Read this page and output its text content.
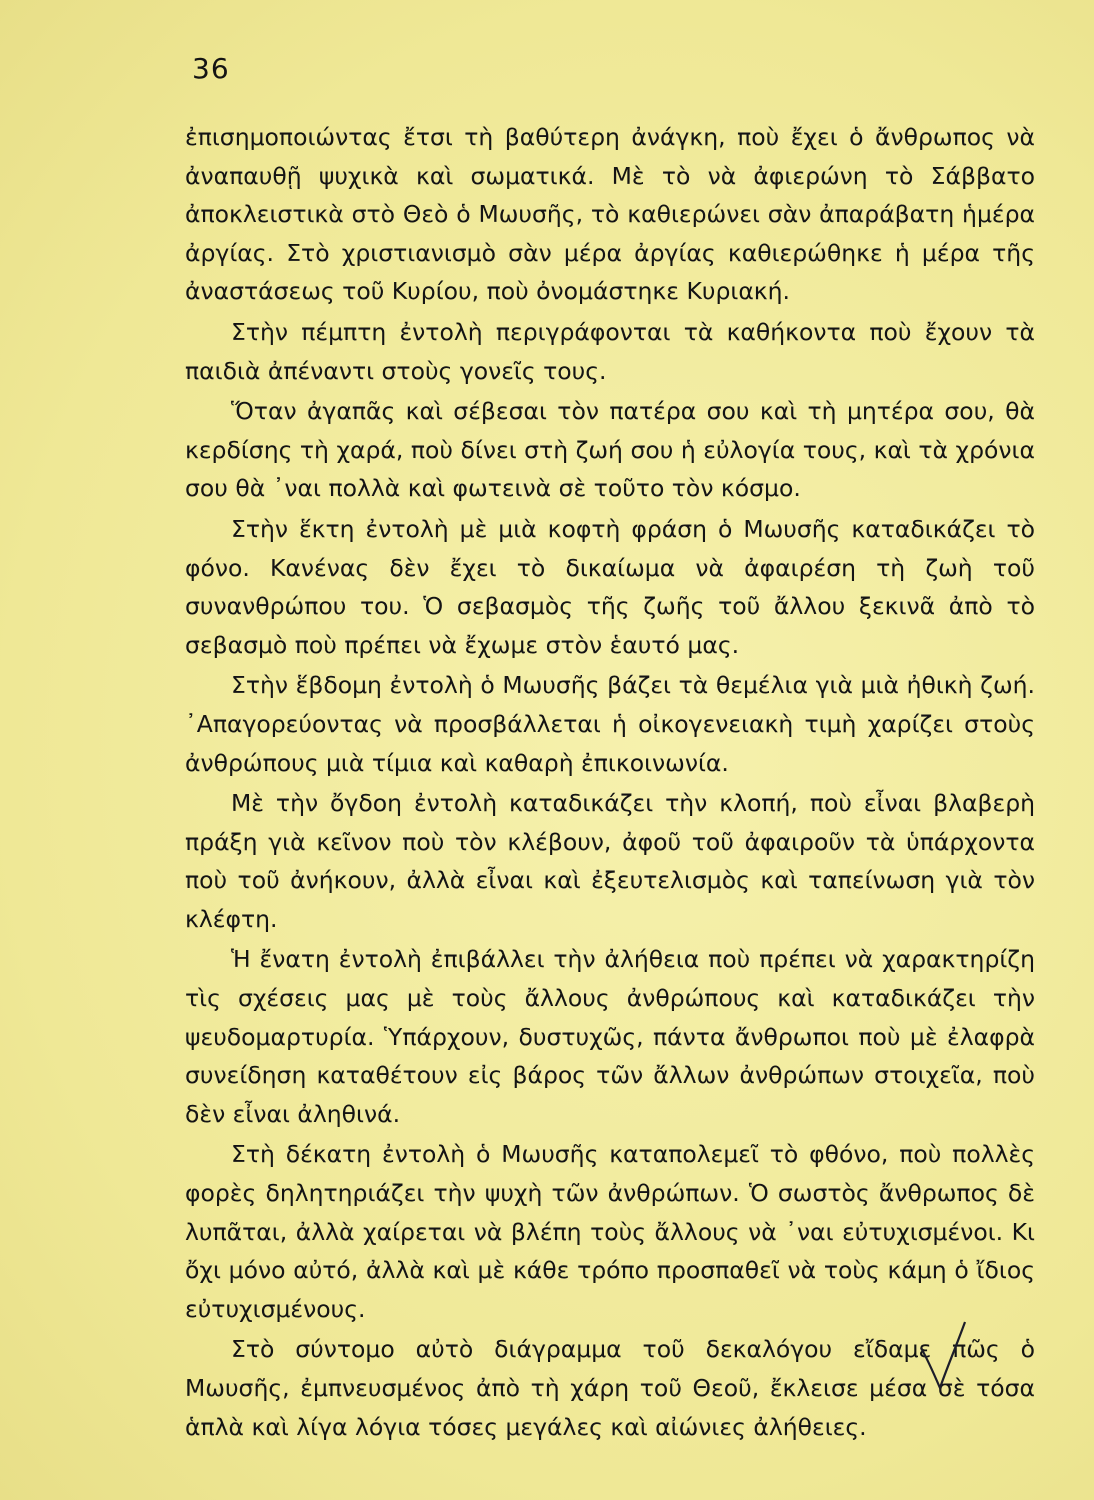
36

ἐπισημοποιώντας ἔτσι τὴ βαθύτερη ἀνάγκη, ποὺ ἔχει ὁ ἄνθρωπος νὰ ἀναπαυθῇ ψυχικὰ καὶ σωματικά. Μὲ τὸ νὰ ἀφιερώνη τὸ Σάββατο ἀποκλειστικὰ στὸ Θεὸ ὁ Μωυσῆς, τὸ καθιερώνει σὰν ἀπαράβατη ἡμέρα ἀργίας. Στὸ χριστιανισμὸ σὰν μέρα ἀργίας καθιερώθηκε ἡ μέρα τῆς ἀναστάσεως τοῦ Κυρίου, ποὺ ὀνομάστηκε Κυριακή.

Στὴν πέμπτη ἐντολὴ περιγράφονται τὰ καθήκοντα ποὺ ἔχουν τὰ παιδιὰ ἀπέναντι στοὺς γονεῖς τους.

Ὅταν ἀγαπᾶς καὶ σέβεσαι τὸν πατέρα σου καὶ τὴ μητέρα σου, θὰ κερδίσης τὴ χαρά, ποὺ δίνει στὴ ζωή σου ἡ εὐλογία τους, καὶ τὰ χρόνια σου θὰ ᾿ναι πολλὰ καὶ φωτεινὰ σὲ τοῦτο τὸν κόσμο.

Στὴν ἕκτη ἐντολὴ μὲ μιὰ κοφτὴ φράση ὁ Μωυσῆς καταδικάζει τὸ φόνο. Κανένας δὲν ἔχει τὸ δικαίωμα νὰ ἀφαιρέση τὴ ζωὴ τοῦ συνανθρώπου του. Ὁ σεβασμὸς τῆς ζωῆς τοῦ ἄλλου ξεκινᾶ ἀπὸ τὸ σεβασμὸ ποὺ πρέπει νὰ ἔχωμε στὸν ἑαυτό μας.

Στὴν ἕβδομη ἐντολὴ ὁ Μωυσῆς βάζει τὰ θεμέλια γιὰ μιὰ ἠθικὴ ζωή. ᾿Απαγορεύοντας νὰ προσβάλλεται ἡ οἰκογενειακὴ τιμὴ χαρίζει στοὺς ἀνθρώπους μιὰ τίμια καὶ καθαρὴ ἐπικοινωνία.

Μὲ τὴν ὄγδοη ἐντολὴ καταδικάζει τὴν κλοπή, ποὺ εἶναι βλαβερὴ πράξη γιὰ κεῖνον ποὺ τὸν κλέβουν, ἀφοῦ τοῦ ἀφαιροῦν τὰ ὑπάρχοντα ποὺ τοῦ ἀνήκουν, ἀλλὰ εἶναι καὶ ἐξευτελισμὸς καὶ ταπείνωση γιὰ τὸν κλέφτη.

Ἡ ἔνατη ἐντολὴ ἐπιβάλλει τὴν ἀλήθεια ποὺ πρέπει νὰ χαρακτηρίζη τὶς σχέσεις μας μὲ τοὺς ἄλλους ἀνθρώπους καὶ καταδικάζει τὴν ψευδομαρτυρία. Ὑπάρχουν, δυστυχῶς, πάντα ἄνθρωποι ποὺ μὲ ἐλαφρὰ συνείδηση καταθέτουν εἰς βάρος τῶν ἄλλων ἀνθρώπων στοιχεῖα, ποὺ δὲν εἶναι ἀληθινά.

Στὴ δέκατη ἐντολὴ ὁ Μωυσῆς καταπολεμεῖ τὸ φθόνο, ποὺ πολλὲς φορὲς δηλητηριάζει τὴν ψυχὴ τῶν ἀνθρώπων. Ὁ σωστὸς ἄνθρωπος δὲ λυπᾶται, ἀλλὰ χαίρεται νὰ βλέπη τοὺς ἄλλους νὰ ᾿ναι εὐτυχισμένοι. Κι ὄχι μόνο αὐτό, ἀλλὰ καὶ μὲ κάθε τρόπο προσπαθεῖ νὰ τοὺς κάμη ὁ ἴδιος εὐτυχισμένους.

Στὸ σύντομο αὐτὸ διάγραμμα τοῦ δεκαλόγου εἴδαμε πῶς ὁ Μωυσῆς, ἐμπνευσμένος ἀπὸ τὴ χάρη τοῦ Θεοῦ, ἔκλεισε μέσα σὲ τόσα ἁπλὰ καὶ λίγα λόγια τόσες μεγάλες καὶ αἰώνιες ἀλήθειες.
